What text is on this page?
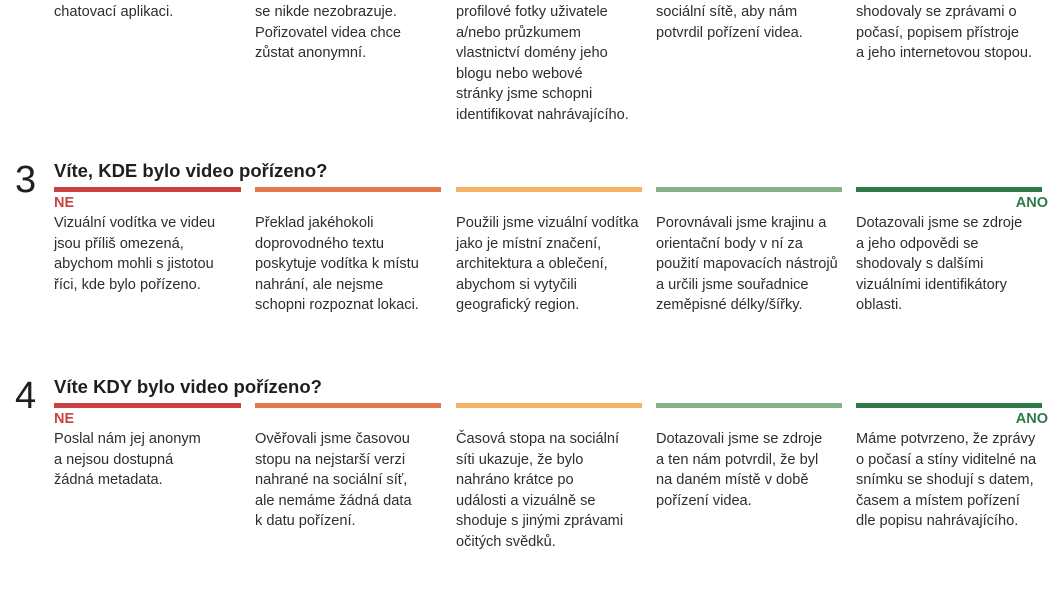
chatovací aplikaci.	se nikde nezobrazuje.
Pořizovatel videa chce
zůstat anonymní.
profilové fotky uživatele
a/nebo průzkumem
vlastnictví domény jeho
blogu nebo webové
stránky jsme schopni
identifikovat nahrávajícího.
sociální sítě, aby nám
potvrdil pořízení videa.
shodovaly se zprávami o
počasí, popisem přístroje
a jeho internetovou stopou.
3 Víte, KDE bylo video pořízeno?
NE	ANO
Vizuální vodítka ve videu
jsou příliš omezená,
abychom mohli s jistotou
říci, kde bylo pořízeno.
Překlad jakéhokoli
doprovodného textu
poskytuje vodítka k místu
nahrání, ale nejsme
schopni rozpoznat lokaci.
Použili jsme vizuální vodítka
jako je místní značení,
architektura a oblečení,
abychom si vytyčili
geografický region.
Porovnávali jsme krajinu a
orientační body v ní za
použití mapovacích nástrojů
a určili jsme souřadnice
zeměpisné délky/šířky.
Dotazovali jsme se zdroje
a jeho odpovědi se
shodovaly s dalšími
vizuálními identifikátory
oblasti.
4 Víte KDY bylo video pořízeno?
NE	ANO
Poslal nám jej anonym
a nejsou dostupná
žádná metadata.
Ověřovali jsme časovou
stopu na nejstarší verzi
nahrané na sociální síť,
ale nemáme žádná data
k datu pořízení.
Časová stopa na sociální
síti ukazuje, že bylo
nahráno krátce po
události a vizuálně se
shoduje s jinými zprávami
očitých svědků.
Dotazovali jsme se zdroje
a ten nám potvrdil, že byl
na daném místě v době
pořízení videa.
Máme potvrzeno, že zprávy
o počasí a stíny viditelné na
snímku se shodují s datem,
časem a místem pořízení
dle popisu nahrávajícího.
